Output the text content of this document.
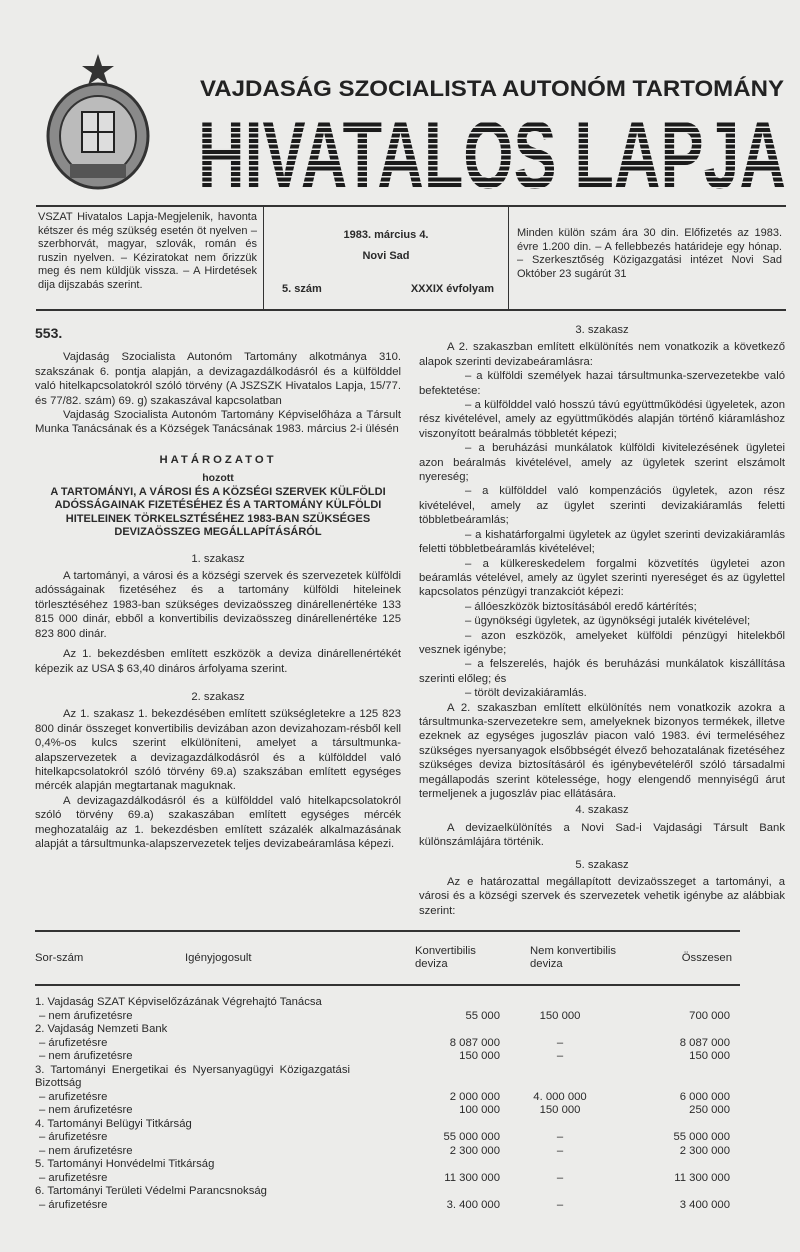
VAJDASÁG SZOCIALISTA AUTONÓM TARTOMÁNY
HIVATALOS LAPJA
VSZAT Hivatalos Lapja-Megjelenik, havonta kétszer és még szükség esetén öt nyelven – szerbhorvát, magyar, szlovák, román és ruszin nyelven. – Kéziratokat nem őrizzük meg és nem küldjük vissza. – A Hirdetések dija dijszabás szerint.
1983. március 4.
Novi Sad
5. szám	XXXIX évfolyam
Minden külön szám ára 30 din. Előfizetés az 1983. évre 1.200 din. – A fellebbezés határideje egy hónap. – Szerkesztőség Közigazgatási intézet Novi Sad Október 23 sugárút 31
553.

Vajdaság Szocialista Autonóm Tartomány alkotmánya 310. szakszának 6. pontja alapján, a devizagazdálkodásról és a külfölddel való hitelkapcsolatokról szóló törvény (A JSZSZK Hivatalos Lapja, 15/77. és 77/82. szám) 69. g) szakaszával kapcsolatban

Vajdaság Szocialista Autonóm Tartomány Képviselőháza a Társult Munka Tanácsának és a Községek Tanácsának 1983. március 2-i ülésén

HATÁROZATOT
hozott
A TARTOMÁNYI, A VÁROSI ÉS A KÖZSÉGI SZERVEK KÜLFÖLDI ADÓSSÁGAINAK FIZETÉSÉHEZ ÉS A TARTOMÁNY KÜLFÖLDI HITELEINEK TÖRKELSZTÉSÉHEZ 1983-BAN SZÜKSÉGES DEVIZAÖSSZEG MEGÁLLAPÍTÁSÁRÓL
1. szakasz

A tartományi, a városi és a községi szervek és szervezetek külföldi adósságainak fizetéséhez és a tartomány külföldi hiteleinek törlesztéséhez 1983-ban szükséges devizaösszeg dinárellenértéke 133 815 000 dinár, ebből a konvertibilis devizaösszeg dinárellenértéke 125 823 800 dinár.

Az 1. bekezdésben említett eszközök a deviza dinárellenértékét képezik az USA $ 63,40 dináros árfolyama szerint.

2. szakasz

Az 1. szakasz 1. bekezdésében említett szükségletekre a 125 823 800 dinár összeget konvertibilis devizában azon devizahozam-résből kell 0,4%-os kulcs szerint elkülöníteni, amelyet a társultmunka-alapszervezetek a devizagazdálkodásról és a külfölddel való hitelkapcsolatokról szóló törvény 69.a) szakszában említett egységes mércék alapján megtartanak maguknak.

A devizagazdálkodásról és a külfölddel való hitelkapcsolatokról szóló törvény 69.a) szakaszában említett egységes mércék meghozataláig az 1. bekezdésben említett százalék alkalmazásának alapját a társultmunka-alapszervezetek teljes devizabeáramlása képezi.

3. szakasz

A 2. szakaszban említett elkülönítés nem vonatkozik a következő alapok szerinti devizabeáramlásra:

– a külföldi személyek hazai társultmunka-szervezetekbe való befektetése:

– a külfölddel való hosszú távú együttműködési ügyeletek, azon rész kivételével, amely az együttműködés alapján történő kiáramláshoz viszonyított beáralmás többletét képezi;

– a beruházási munkálatok külföldi kivitelezésének ügyletei azon beáralmás kivételével, amely az ügyletek szerint elszámolt nyereség;

– a külfölddel való kompenzációs ügyletek, azon rész kivételével, amely az ügylet szerinti devizakiáramlás feletti többletbeáramlás;

– a kishatárforgalmi ügyletek az ügylet szerinti devizakiáramlás feletti többletbeáramlás kivételével;

– a külkereskedelem forgalmi közvetítés ügyletei azon beáramlás vételével, amely az ügylet szerinti nyereséget és az ügylettel kapcsolatos pénzügyi tranzakciót képezi:

– állóeszközök biztosításából eredő kártérítés;

– ügynökségi ügyletek, az ügynökségi jutalék kivételével;

– azon eszközök, amelyeket külföldi pénzügyi hitelekből vesznek igénybe;

– a felszerelés, hajók és beruházási munkálatok kiszállítása szerinti előleg; és

– törölt devizakiáramlás.

A 2. szakaszban említett elkülönítés nem vonatkozik azokra a társultmunka-szervezetekre sem, amelyeknek bizonyos termékek, illetve ezeknek az egységes jugoszláv piacon való 1983. évi termeléséhez szükséges nyersanyagok elsőbbségét élvező behozatalának fizetéséhez szükséges deviza biztosításáról és igénybevételéről szóló társadalmi megállapodás szerint kötelessége, hogy elengendő mennyiségű árut termeljenek a jugoszláv piac ellátására.

4. szakasz

A devizaelkülönítés a Novi Sad-i Vajdasági Társult Bank különszámlájára történik.

5. szakasz

Az e határozattal megállapított devizaösszeget a tartományi, a városi és a községi szervek és szervezetek vehetik igénybe az alábbiak szerint:

Sor-szám	Igényjogosult	Konvertibilis deviza	Nem konvertibilis deviza	Összesen
1. Vajdaság SZAT Képviselőzázának Végrehajtó Tanácsa				
– nem árufizetésre		55 000	150 000	700 000
2. Vajdaság Nemzeti Bank				
– árufizetésre		8 087 000	–	8 087 000
– nem árufizetésre		150 000	–	150 000
3. Tartományi Energetikai és Nyersanyagügyi Közigazgatási Bizottság				
– arufizetésre		2 000 000	4. 000 000	6 000 000
– nem árufizetésre		100 000	150 000	250 000
4. Tartományi Belügyi Titkárság				
– árufizetésre		55 000 000	–	55 000 000
– nem árufizetésre		2 300 000	–	2 300 000
5. Tartományi Honvédelmi Titkárság				
– arufizetésre		11 300 000	–	11 300 000
6. Tartományi Területi Védelmi Parancsnokság				
– árufizetésre		3. 400 000	–	3 400 000
